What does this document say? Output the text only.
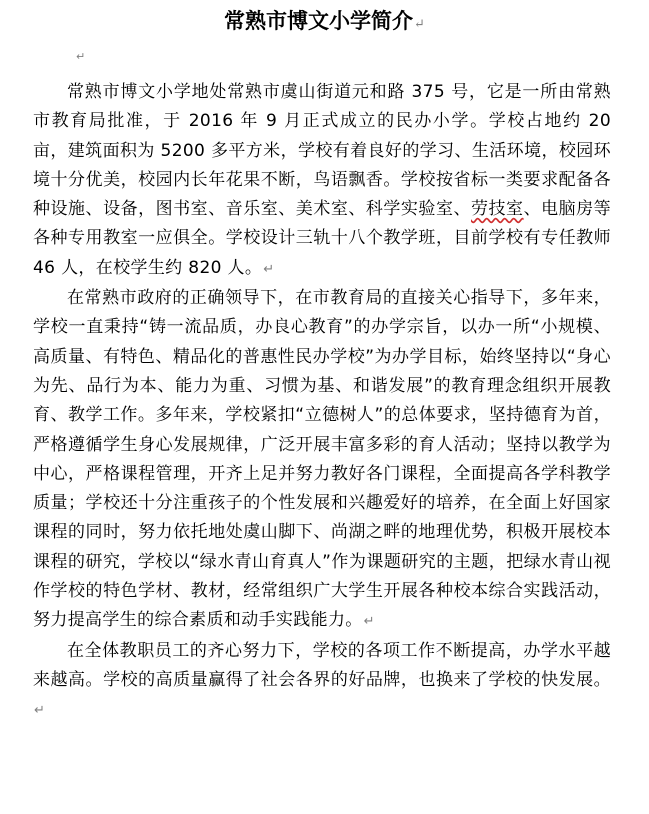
常熟市博文小学简介↵
↵

常熟市博文小学地处常熟市虞山街道元和路 375 号，它是一所由常熟市教育局批准，于 2016 年 9 月正式成立的民办小学。学校占地约 20 亩，建筑面积为 5200 多平方米，学校有着良好的学习、生活环境，校园环境十分优美，校园内长年花果不断，鸟语飘香。学校按省标一类要求配备各种设施、设备，图书室、音乐室、美术室、科学实验室、劳技室、电脑房等各种专用教室一应俱全。学校设计三轨十八个教学班，目前学校有专任教师 46 人，在校学生约 820 人。↵

在常熟市政府的正确领导下，在市教育局的直接关心指导下，多年来，学校一直秉持“铸一流品质，办良心教育”的办学宗旨，以办一所“小规模、高质量、有特色、精品化的普惠性民办学校”为办学目标，始终坚持以“身心为先、品行为本、能力为重、习惯为基、和谐发展”的教育理念组织开展教育、教学工作。多年来，学校紧扣“立德树人”的总体要求，坚持德育为首，严格遵循学生身心发展规律，广泛开展丰富多彩的育人活动；坚持以教学为中心，严格课程管理，开齐上足并努力教好各门课程，全面提高各学科教学质量；学校还十分注重孩子的个性发展和兴趣爱好的培养，在全面上好国家课程的同时，努力依托地处虞山脚下、尚湖之畔的地理优势，积极开展校本课程的研究，学校以“绿水青山育真人”作为课题研究的主题，把绿水青山视作学校的特色学材、教材，经常组织广大学生开展各种校本综合实践活动，努力提高学生的综合素质和动手实践能力。↵

在全体教职员工的齐心努力下，学校的各项工作不断提高，办学水平越来越高。学校的高质量赢得了社会各界的好品牌，也换来了学校的快发展。↵
